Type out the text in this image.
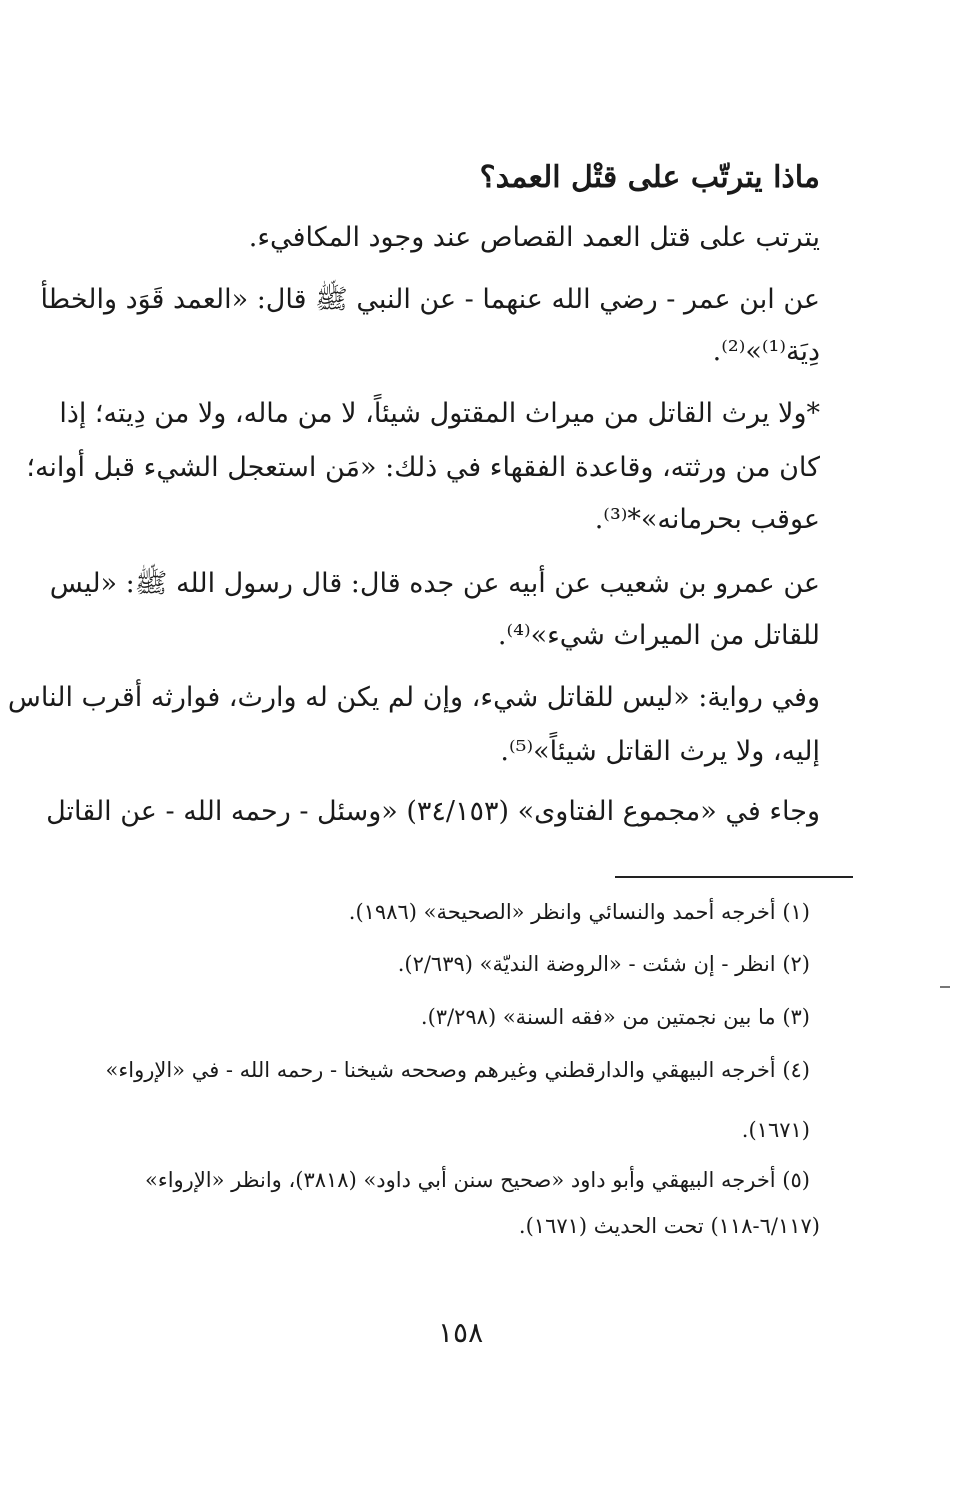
ماذا يترتّب على قتْل العمد؟
يترتب على قتل العمد القصاص عند وجود المكافيء.
عن ابن عمر - رضي الله عنهما - عن النبي ﷺ قال: «العمد قَوَد والخطأ
دِيَة⁽¹⁾»⁽²⁾.
*ولا يرث القاتل من ميراث المقتول شيئاً، لا من ماله، ولا من دِيته؛ إذا
كان من ورثته، وقاعدة الفقهاء في ذلك: «مَن استعجل الشيء قبل أوانه؛
عوقب بحرمانه»*⁽³⁾.
عن عمرو بن شعيب عن أبيه عن جده قال: قال رسول الله ﷺ: «ليس
للقاتل من الميراث شيء»⁽⁴⁾.
وفي رواية: «ليس للقاتل شيء، وإن لم يكن له وارث، فوارثه أقرب الناس
إليه، ولا يرث القاتل شيئاً»⁽⁵⁾.
وجاء في «مجموع الفتاوى» (٣٤/١٥٣) «وسئل - رحمه الله - عن القاتل
(١) أخرجه أحمد والنسائي وانظر «الصحيحة» (١٩٨٦).
(٢) انظر - إن شئت - «الروضة النديّة» (٢/٦٣٩).
(٣) ما بين نجمتين من «فقه السنة» (٣/٢٩٨).
(٤) أخرجه البيهقي والدارقطني وغيرهم وصححه شيخنا - رحمه الله - في «الإرواء»
(١٦٧١).
(٥) أخرجه البيهقي وأبو داود «صحيح سنن أبي داود» (٣٨١٨)، وانظر «الإرواء»
(٦/١١٧-١١٨) تحت الحديث (١٦٧١).
١٥٨
